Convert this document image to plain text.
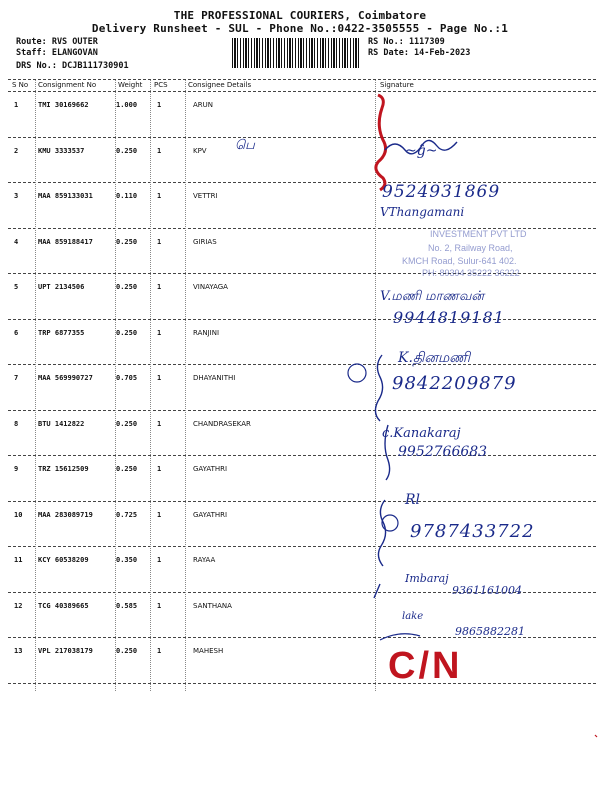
THE PROFESSIONAL COURIERS, Coimbatore
Delivery Runsheet - SUL - Phone No.:0422-3505555 - Page No.:1
Route: RVS OUTER
Staff: ELANGOVAN
DRS No.: DCJB111730901
RS No.: 1117309
RS Date: 14-Feb-2023
S No Consignment No	Weight PCS	Consignee Details	Signature
1	TMI 30169662	1.000	1	ARUN
2	KMU 3333537	0.250	1	KPV
3	MAA 859133031	0.110	1	VETTRI
4	MAA 859188417	0.250	1	GIRIAS
5	UPT 2134506	0.250	1	VINAYAGA
6	TRP 6877355	0.250	1	RANJINI
7	MAA 569990727	0.705	1	DHAYANITHI
8	BTU 1412822	0.250	1	CHANDRASEKAR
9	TRZ 15612509	0.250	1	GAYATHRI
10 MAA 283089719	0.725	1	GAYATHRI
11 KCY 60538209	0.350	1	RAYAA
12 TCG 40389665	0.585	1	SANTHANA
13 VPL 217038179	0.250	1	MAHESH
~ĝ~
பெ
9524931869
VThangamani
INVESTMENT PVT LTD
No. 2, Railway Road,
KMCH Road, Sulur-641 402.
PH: 89394 35222 36222
V.மணி மாணவன்
9944819181
K.தினமணி
9842209879
c.Kanakaraj
9952766683
Rl
9787433722
Imbaraj
9361161004
lake
9865882281
C/N
